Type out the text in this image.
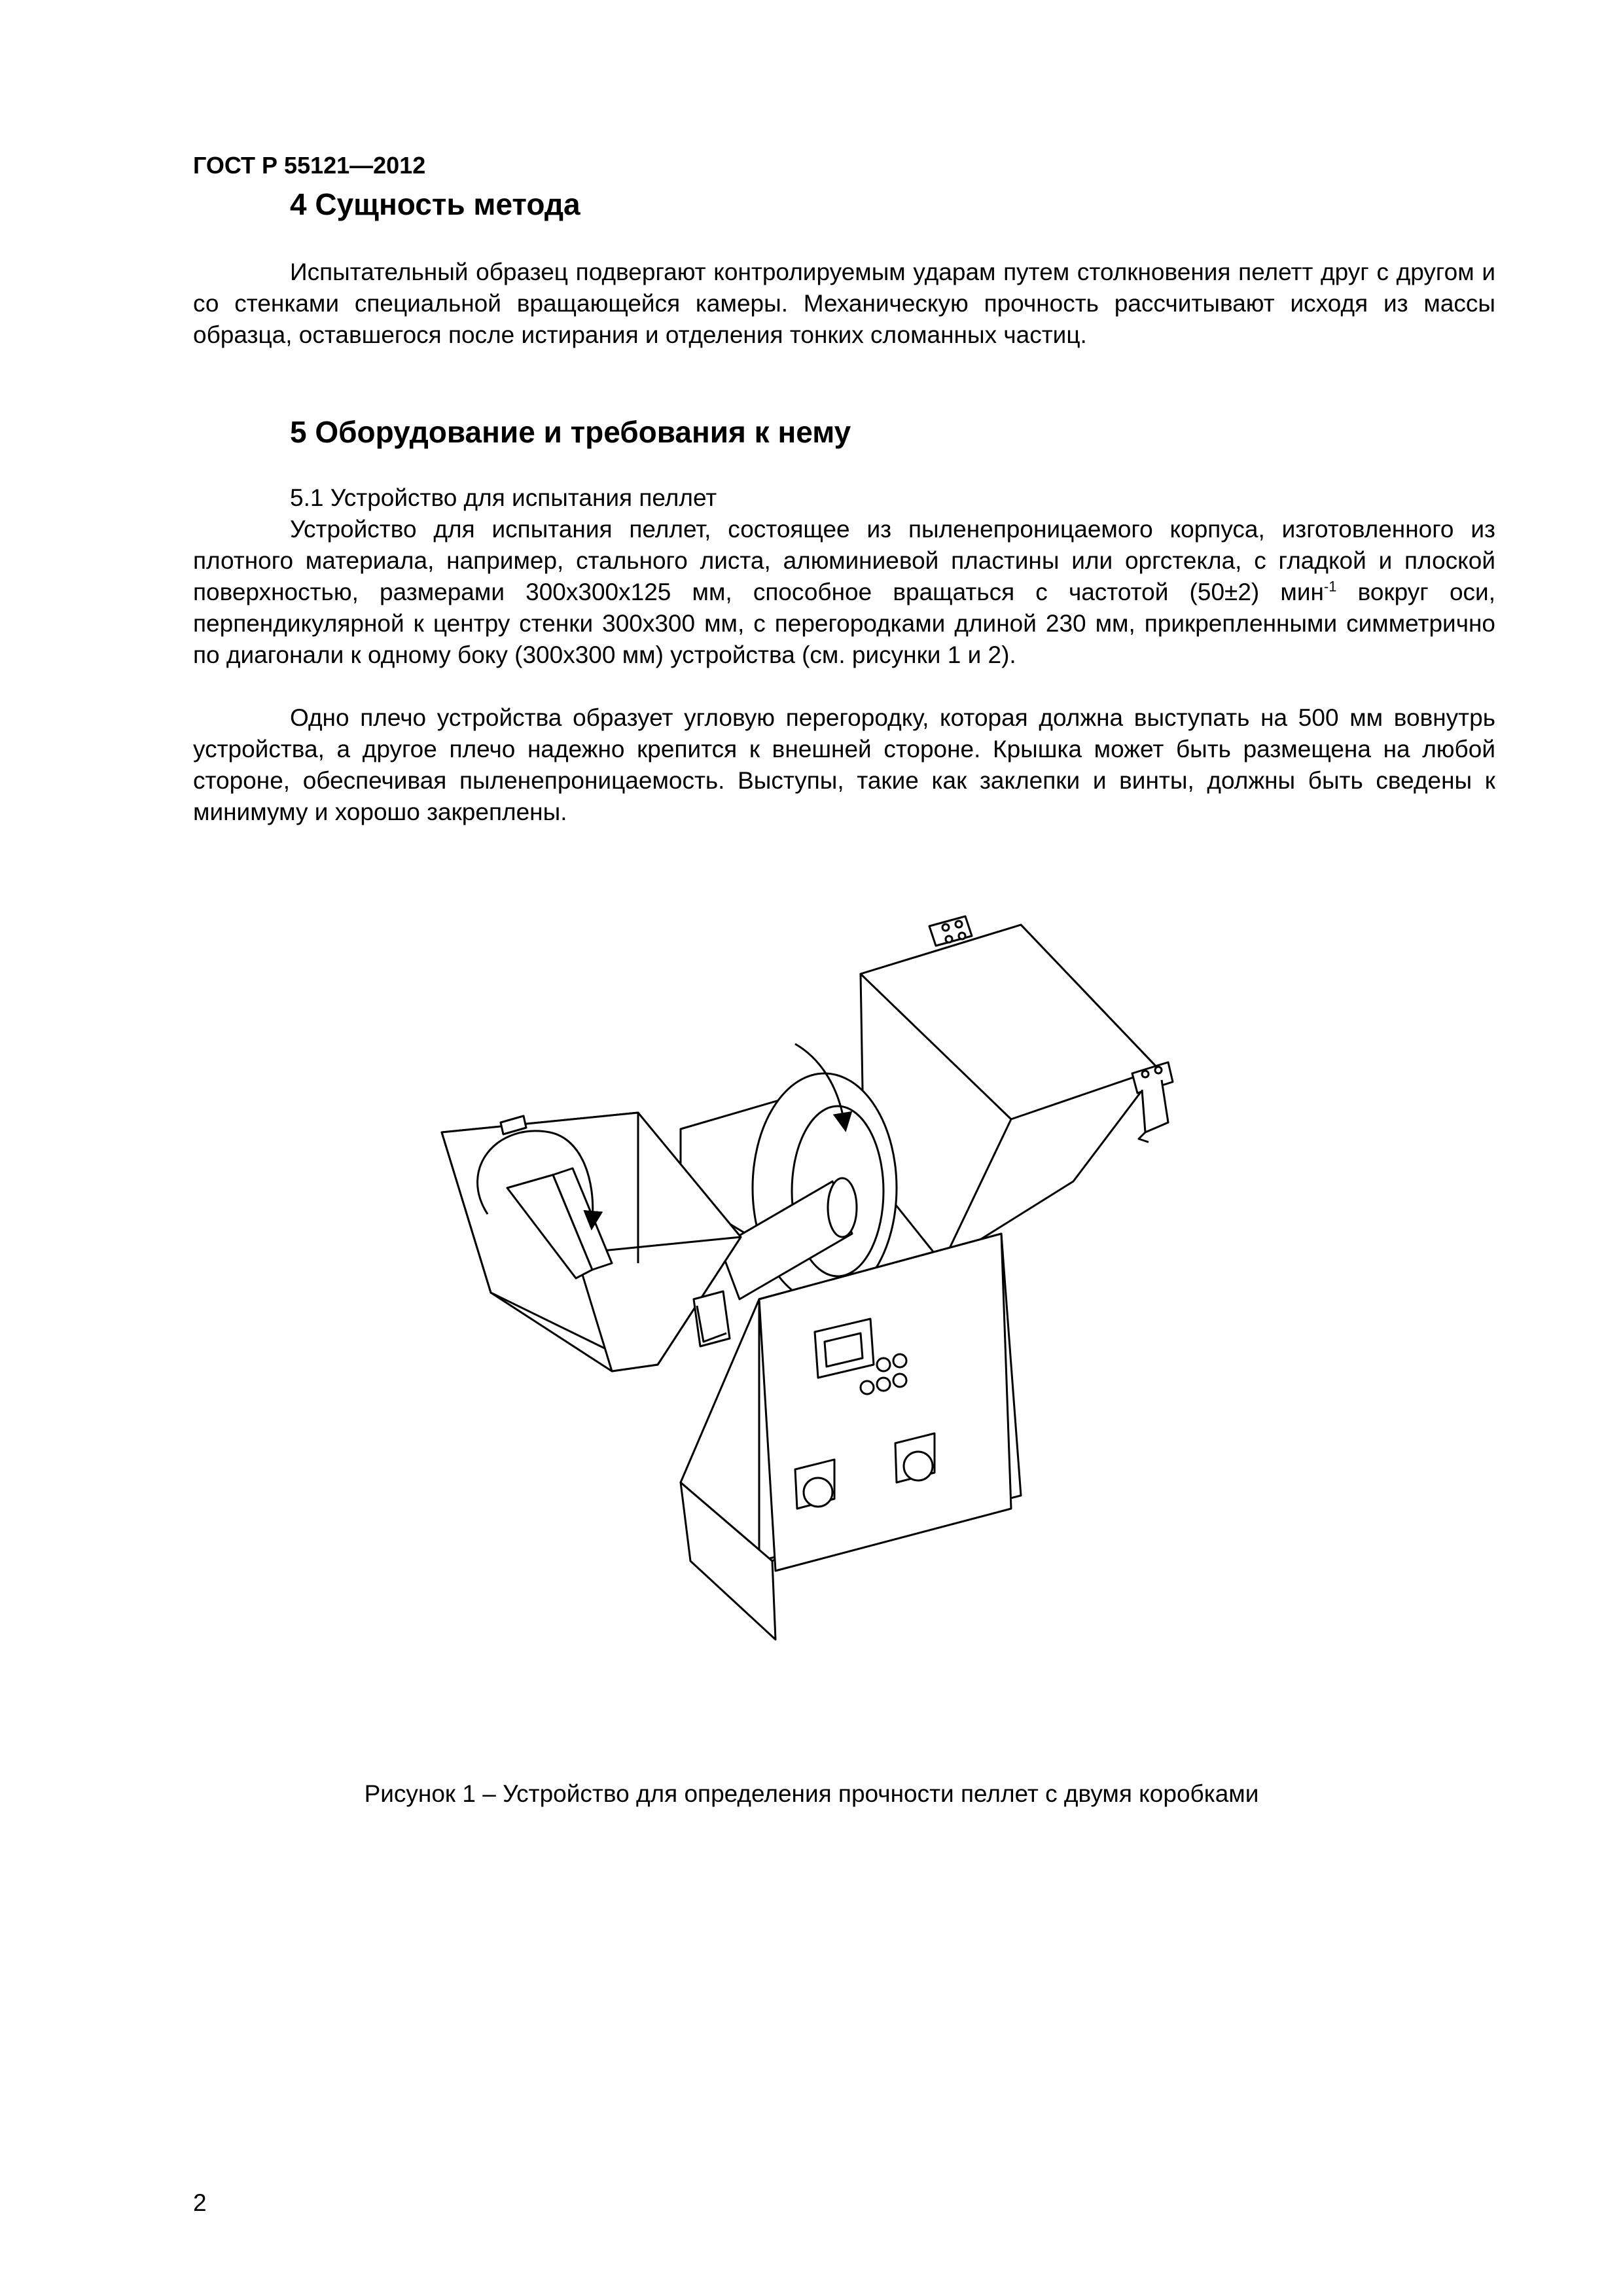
ГОСТ Р 55121—2012
4 Сущность метода

Испытательный образец подвергают контролируемым ударам путем столкновения пелетт друг с другом и со стенками специальной вращающейся камеры. Механическую прочность рассчитывают исходя из массы образца, оставшегося после истирания и отделения тонких сломанных частиц.

5 Оборудование и требования к нему

5.1 Устройство для испытания пеллет

Устройство для испытания пеллет, состоящее из пыленепроницаемого корпуса, изготовленного из плотного материала, например, стального листа, алюминиевой пластины или оргстекла, с гладкой и плоской поверхностью, размерами 300x300x125 мм, способное вращаться с частотой (50±2) мин$^{-1}$ вокруг оси, перпендикулярной к центру стенки 300x300 мм, с перегородками длиной 230 мм, прикрепленными симметрично по диагонали к одному боку (300x300 мм) устройства (см. рисунки 1 и 2).

Одно плечо устройства образует угловую перегородку, которая должна выступать на 500 мм вовнутрь устройства, а другое плечо надежно крепится к внешней стороне. Крышка может быть размещена на любой стороне, обеспечивая пыленепроницаемость. Выступы, такие как заклепки и винты, должны быть сведены к минимуму и хорошо закреплены.

Рисунок 1 – Устройство для определения прочности пеллет с двумя коробками
2
